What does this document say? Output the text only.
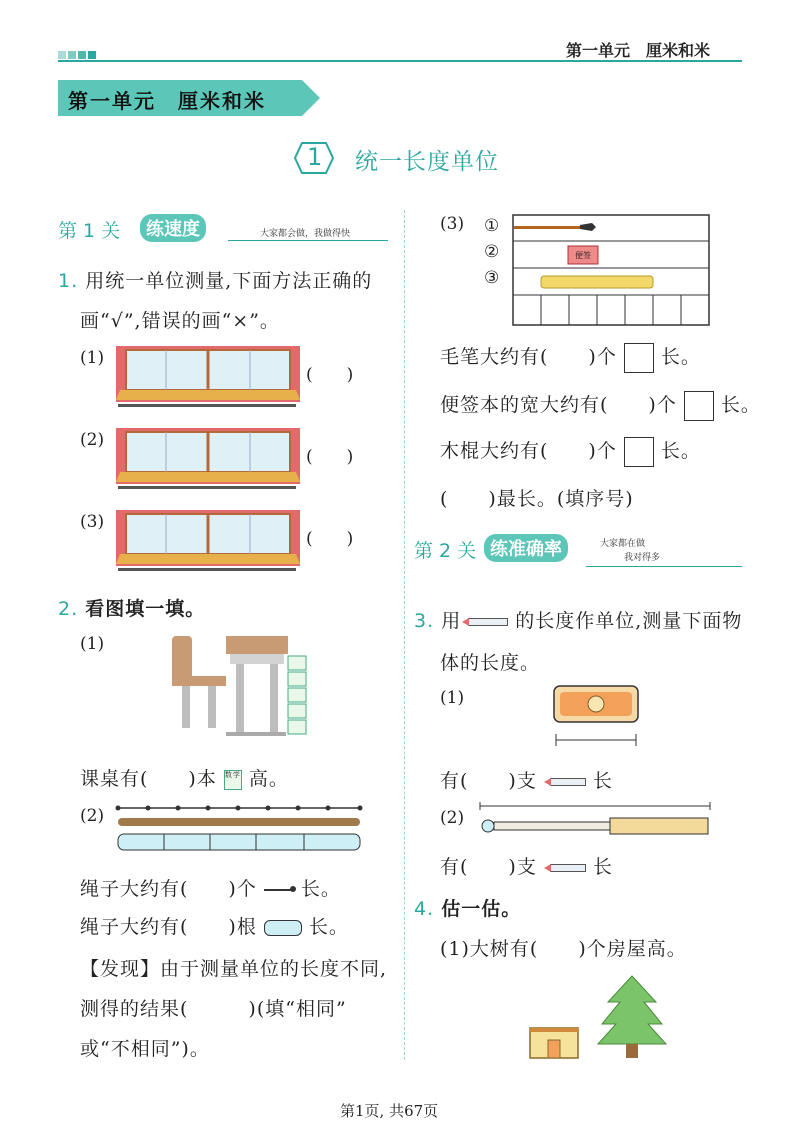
第一单元　厘米和米
第一单元　厘米和米
1 统一长度单位
第 1 关	练速度	大家都会做，我做得快
1. 用统一单位测量,下面方法正确的
画“√”,错误的画“×”。
(1)
(　　)
(2)
(　　)
(3)
(　　)
2. 看图填一填。
(1)
课桌有(　　)本 数学 高。
(2)
绳子大约有(　　)个 长。
绳子大约有(　　)根	长。
【发现】由于测量单位的长度不同,
测得的结果(　　　)(填“相同”
或“不相同”)。
(3) ①
②
③
便签
毛笔大约有(　　)个 长。
便签本的宽大约有(　　)个 长。
木棍大约有(　　)个 长。
(　　)最长。(填序号)
第 2 关 练准确率	大家都在做
我对得多
3. 用	的长度作单位,测量下面物
体的长度。
(1)
有(　　)支	长
(2)
有(　　)支	长
4. 估一估。
(1)大树有(　　)个房屋高。
第1页, 共67页
